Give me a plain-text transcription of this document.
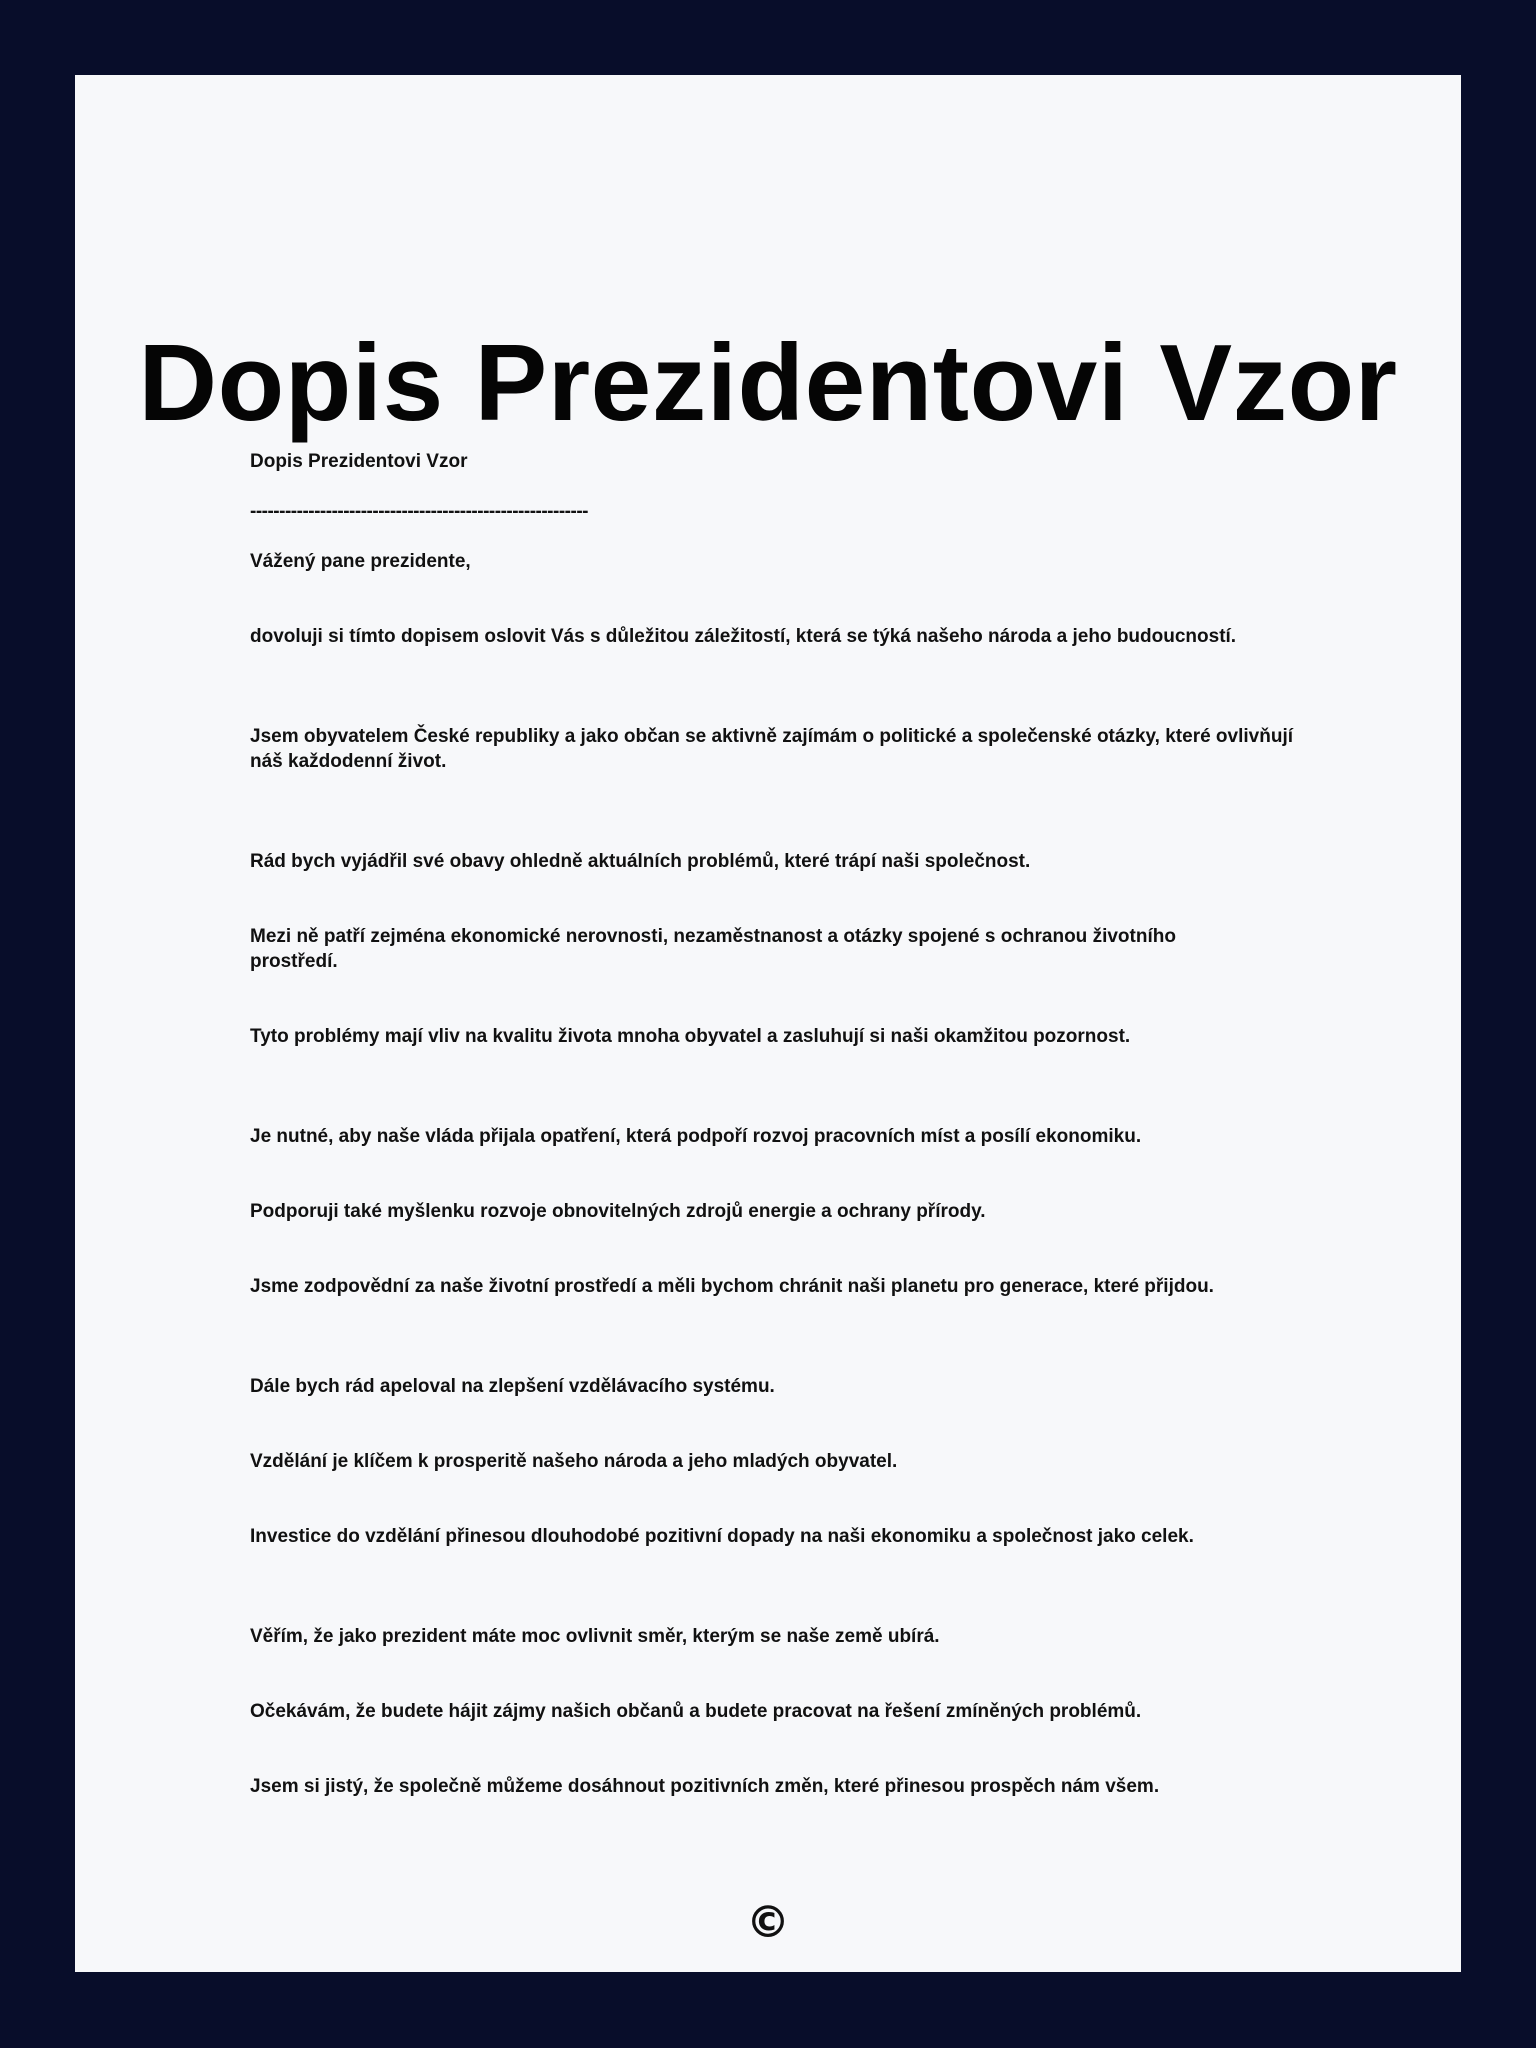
Dopis Prezidentovi Vzor

Dopis Prezidentovi Vzor

----------------------------------------------------------

Vážený pane prezidente,

dovoluji si tímto dopisem oslovit Vás s důležitou záležitostí, která se týká našeho národa a jeho budoucností.

Jsem obyvatelem České republiky a jako občan se aktivně zajímám o politické a společenské otázky, které ovlivňují náš každodenní život.

Rád bych vyjádřil své obavy ohledně aktuálních problémů, které trápí naši společnost.

Mezi ně patří zejména ekonomické nerovnosti, nezaměstnanost a otázky spojené s ochranou životního prostředí.

Tyto problémy mají vliv na kvalitu života mnoha obyvatel a zasluhují si naši okamžitou pozornost.

Je nutné, aby naše vláda přijala opatření, která podpoří rozvoj pracovních míst a posílí ekonomiku.

Podporuji také myšlenku rozvoje obnovitelných zdrojů energie a ochrany přírody.

Jsme zodpovědní za naše životní prostředí a měli bychom chránit naši planetu pro generace, které přijdou.

Dále bych rád apeloval na zlepšení vzdělávacího systému.

Vzdělání je klíčem k prosperitě našeho národa a jeho mladých obyvatel.

Investice do vzdělání přinesou dlouhodobé pozitivní dopady na naši ekonomiku a společnost jako celek.

Věřím, že jako prezident máte moc ovlivnit směr, kterým se naše země ubírá.

Očekávám, že budete hájit zájmy našich občanů a budete pracovat na řešení zmíněných problémů.

Jsem si jistý, že společně můžeme dosáhnout pozitivních změn, které přinesou prospěch nám všem.

©
